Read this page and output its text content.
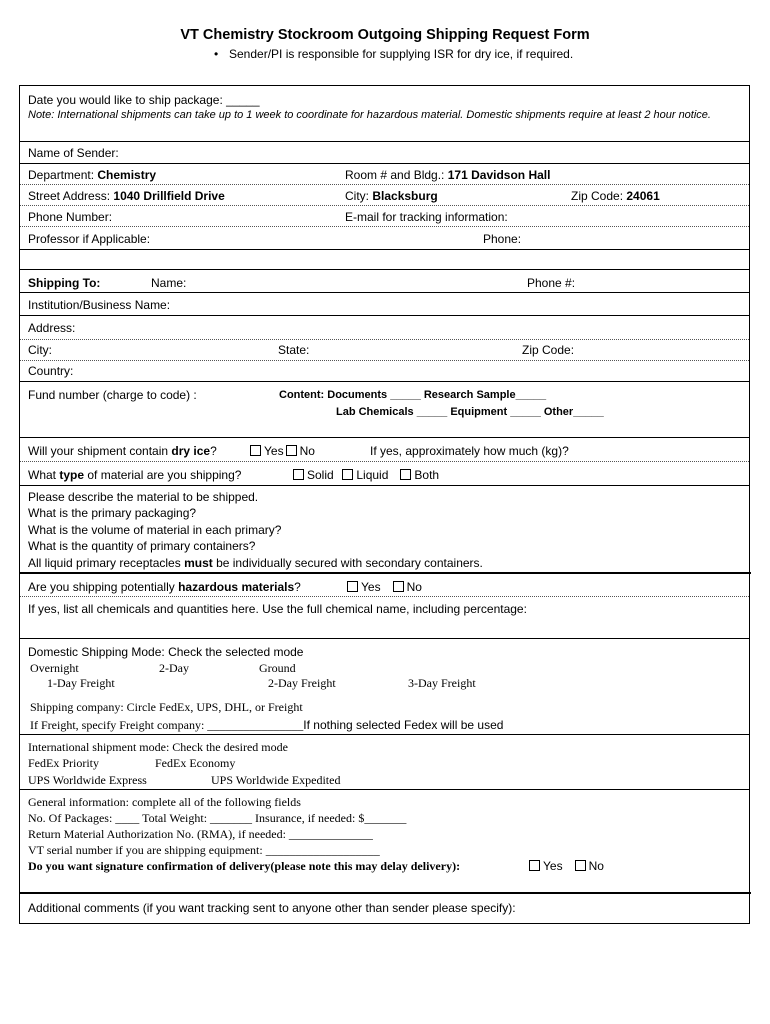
VT Chemistry Stockroom Outgoing Shipping Request Form
• Sender/PI is responsible for supplying ISR for dry ice, if required.
Date you would like to ship package: _____
Note: International shipments can take up to 1 week to coordinate for hazardous material. Domestic shipments require at least 2 hour notice.
Name of Sender:
Department: Chemistry	Room # and Bldg.: 171 Davidson Hall
Street Address: 1040 Drillfield Drive	City: Blacksburg	Zip Code: 24061
Phone Number:	E-mail for tracking information:
Professor if Applicable:	Phone:
Shipping To:	Name:	Phone #:
Institution/Business Name:
Address:
City:	State:	Zip Code:
Country:
Fund number (charge to code) :	Content: Documents _____ Research Sample_____
Lab Chemicals _____ Equipment _____ Other_____
Will your shipment contain dry ice?	Yes No	If yes, approximately how much (kg)?
What type of material are you shipping?	Solid Liquid Both
Please describe the material to be shipped.
What is the primary packaging?
What is the volume of material in each primary?
What is the quantity of primary containers?
All liquid primary receptacles must be individually secured with secondary containers.
Are you shipping potentially hazardous materials?	Yes No
If yes, list all chemicals and quantities here. Use the full chemical name, including percentage:
Domestic Shipping Mode: Check the selected mode
Overnight	2-Day	Ground
1-Day Freight	2-Day Freight	3-Day Freight
Shipping company: Circle FedEx, UPS, DHL, or Freight
If Freight, specify Freight company: ________________If nothing selected Fedex will be used
International shipment mode: Check the desired mode
FedEx Priority	FedEx Economy
UPS Worldwide Express	UPS Worldwide Expedited
General information: complete all of the following fields
No. Of Packages: ____ Total Weight: _______ Insurance, if needed: $_______
Return Material Authorization No. (RMA), if needed: ______________
VT serial number if you are shipping equipment: ___________________
Do you want signature confirmation of delivery(please note this may delay delivery):	Yes No
Additional comments (if you want tracking sent to anyone other than sender please specify):
